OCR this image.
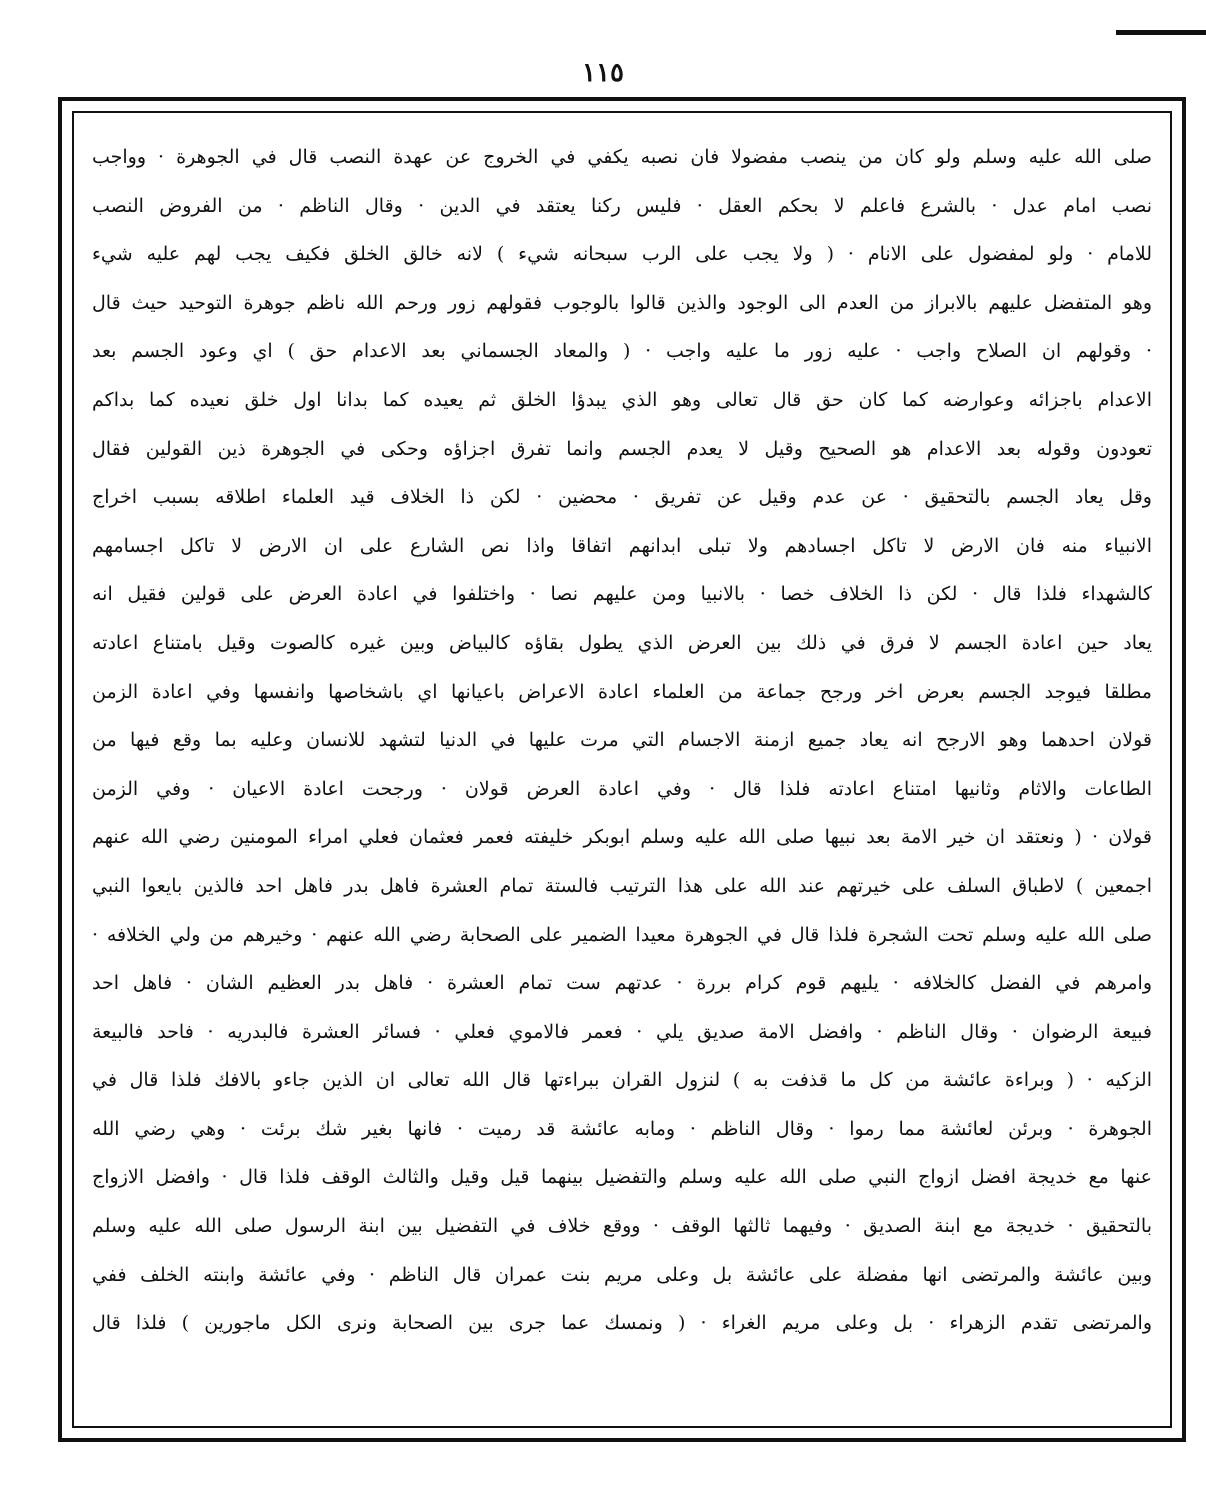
١١٥
صلى الله عليه وسلم ولو كان من ينصب مفضولا فان نصبه يكفي في الخروج عن عهدة النصب قال في الجوهرة · وواجب
نصب امام عدل · بالشرع فاعلم لا بحكم العقل · فليس ركنا يعتقد في الدين · وقال الناظم · من الفروض النصب
للامام · ولو لمفضول على الانام · ( ولا يجب على الرب سبحانه شيء ) لانه خالق الخلق فكيف يجب لهم عليه شيء
وهو المتفضل عليهم بالابراز من العدم الى الوجود والذين قالوا بالوجوب فقولهم زور ورحم الله ناظم جوهرة التوحيد حيث قال
· وقولهم ان الصلاح واجب · عليه زور ما عليه واجب · ( والمعاد الجسماني بعد الاعدام حق ) اي وعود الجسم بعد
الاعدام باجزائه وعوارضه كما كان حق قال تعالى وهو الذي يبدؤا الخلق ثم يعيده كما بدانا اول خلق نعيده كما بداكم
تعودون وقوله بعد الاعدام هو الصحيح وقيل لا يعدم الجسم وانما تفرق اجزاؤه وحكى في الجوهرة ذين القولين فقال
وقل يعاد الجسم بالتحقيق · عن عدم وقيل عن تفريق · محضين · لكن ذا الخلاف قيد العلماء اطلاقه بسبب اخراج
الانبياء منه فان الارض لا تاكل اجسادهم ولا تبلى ابدانهم اتفاقا واذا نص الشارع على ان الارض لا تاكل اجسامهم
كالشهداء فلذا قال · لكن ذا الخلاف خصا · بالانبيا ومن عليهم نصا · واختلفوا في اعادة العرض على قولين فقيل انه
يعاد حين اعادة الجسم لا فرق في ذلك بين العرض الذي يطول بقاؤه كالبياض وبين غيره كالصوت وقيل بامتناع اعادته
مطلقا فيوجد الجسم بعرض اخر ورجح جماعة من العلماء اعادة الاعراض باعيانها اي باشخاصها وانفسها وفي اعادة الزمن
قولان احدهما وهو الارجح انه يعاد جميع ازمنة الاجسام التي مرت عليها في الدنيا لتشهد للانسان وعليه بما وقع فيها من
الطاعات والاثام وثانيها امتناع اعادته فلذا قال · وفي اعادة العرض قولان · ورجحت اعادة الاعيان · وفي الزمن
قولان · ( ونعتقد ان خير الامة بعد نبيها صلى الله عليه وسلم ابوبكر خليفته فعمر فعثمان فعلي امراء المومنين رضي الله عنهم
اجمعين ) لاطباق السلف على خيرتهم عند الله على هذا الترتيب فالستة تمام العشرة فاهل بدر فاهل احد فالذين بايعوا النبي
صلى الله عليه وسلم تحت الشجرة فلذا قال في الجوهرة معيدا الضمير على الصحابة رضي الله عنهم · وخيرهم من ولي الخلافه ·
وامرهم في الفضل كالخلافه · يليهم قوم كرام بررة · عدتهم ست تمام العشرة · فاهل بدر العظيم الشان · فاهل احد
فبيعة الرضوان · وقال الناظم · وافضل الامة صديق يلي · فعمر فالاموي فعلي · فسائر العشرة فالبدريه · فاحد فالبيعة
الزكيه · ( وبراءة عائشة من كل ما قذفت به ) لنزول القران ببراءتها قال الله تعالى ان الذين جاءو بالافك فلذا قال في
الجوهرة · وبرئن لعائشة مما رموا · وقال الناظم · ومابه عائشة قد رميت · فانها بغير شك برئت · وهي رضي الله
عنها مع خديجة افضل ازواج النبي صلى الله عليه وسلم والتفضيل بينهما قيل وقيل والثالث الوقف فلذا قال · وافضل الازواج
بالتحقيق · خديجة مع ابنة الصديق · وفيهما ثالثها الوقف · ووقع خلاف في التفضيل بين ابنة الرسول صلى الله عليه وسلم
وبين عائشة والمرتضى انها مفضلة على عائشة بل وعلى مريم بنت عمران قال الناظم · وفي عائشة وابنته الخلف ففي
والمرتضى تقدم الزهراء · بل وعلى مريم الغراء · ( ونمسك عما جرى بين الصحابة ونرى الكل ماجورين ) فلذا قال
